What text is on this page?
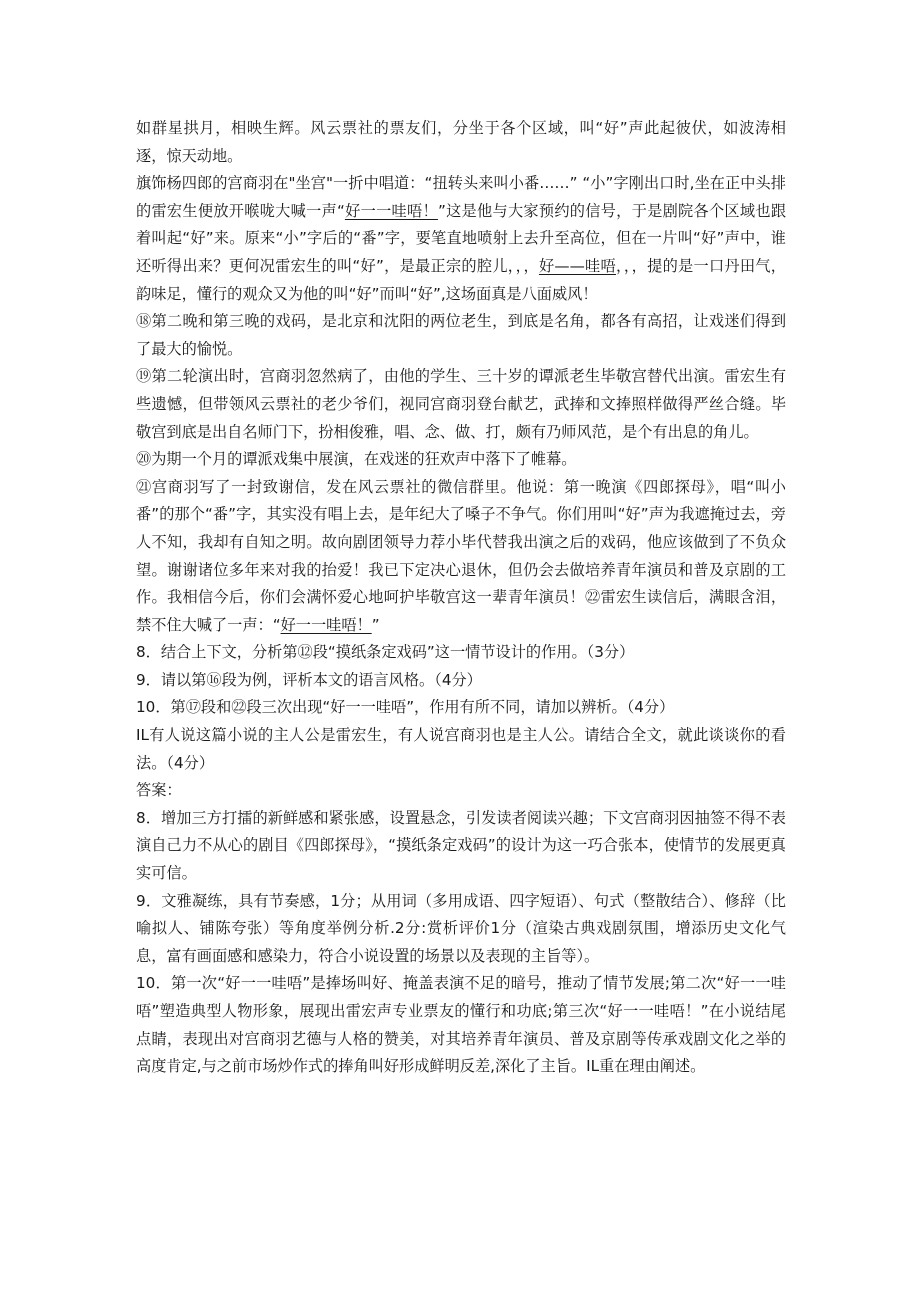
如群星拱月，相映生辉。风云票社的票友们，分坐于各个区域，叫“好”声此起彼伏，如波涛相逐，惊天动地。

旗饰杨四郎的宫商羽在"坐宫"一折中唱道：“扭转头来叫小番……” “小”字刚出口时,坐在正中头排的雷宏生便放开喉咙大喊一声“好一一哇唔！”这是他与大家预约的信号，于是剧院各个区域也跟着叫起“好”来。原来“小”字后的“番”字，要笔直地喷射上去升至高位，但在一片叫“好”声中，谁还听得出来？更何况雷宏生的叫“好”，是最正宗的腔儿，，，好——哇唔，，，提的是一口丹田气，韵味足，懂行的观众又为他的叫“好”而叫“好”,这场面真是八面威风！

⑱第二晚和第三晚的戏码，是北京和沈阳的两位老生，到底是名角，都各有高招，让戏迷们得到了最大的愉悦。

⑲第二轮演出时，宫商羽忽然病了，由他的学生、三十岁的谭派老生毕敬宫替代出演。雷宏生有些遗憾，但带领风云票社的老少爷们，视同宫商羽登台献艺，武捧和文捧照样做得严丝合缝。毕敬宫到底是出自名师门下，扮相俊雅，唱、念、做、打，颇有乃师风范，是个有出息的角儿。

⑳为期一个月的谭派戏集中展演，在戏迷的狂欢声中落下了帷幕。

㉑宫商羽写了一封致谢信，发在风云票社的微信群里。他说：第一晚演《四郎探母》，唱“叫小番”的那个“番”字，其实没有唱上去，是年纪大了嗓子不争气。你们用叫“好”声为我遮掩过去，旁人不知，我却有自知之明。故向剧团领导力荐小毕代替我出演之后的戏码，他应该做到了不负众望。谢谢诸位多年来对我的抬爱！我已下定决心退休，但仍会去做培养青年演员和普及京剧的工作。我相信今后，你们会满怀爱心地呵护毕敬宫这一辈青年演员！㉒雷宏生读信后，满眼含泪，禁不住大喊了一声：“好一一哇唔！”

8．结合上下文，分析第⑫段“摸纸条定戏码”这一情节设计的作用。（3分）

9．请以第⑯段为例，评析本文的语言风格。（4分）

10．第⑰段和㉒段三次出现“好一一哇唔”，作用有所不同，请加以辨析。（4分）

IL有人说这篇小说的主人公是雷宏生，有人说宫商羽也是主人公。请结合全文，就此谈谈你的看法。（4分）

答案：

8．增加三方打擂的新鲜感和紧张感，设置悬念，引发读者阅读兴趣；下文宫商羽因抽签不得不表演自己力不从心的剧目《四郎探母》，“摸纸条定戏码”的设计为这一巧合张本，使情节的发展更真实可信。

9．文雅凝练，具有节奏感，1分；从用词（多用成语、四字短语）、句式（整散结合）、修辞（比喻拟人、铺陈夸张）等角度举例分析.2分:赏析评价1分（渲染古典戏剧氛围，增添历史文化气息，富有画面感和感染力，符合小说设置的场景以及表现的主旨等）。

10．第一次“好一一哇唔”是捧场叫好、掩盖表演不足的暗号，推动了情节发展;第二次“好一一哇唔”塑造典型人物形象，展现出雷宏声专业票友的懂行和功底;第三次“好一一哇唔！”在小说结尾点睛，表现出对宫商羽艺德与人格的赞美，对其培养青年演员、普及京剧等传承戏剧文化之举的高度肯定,与之前市场炒作式的捧角叫好形成鲜明反差,深化了主旨。IL重在理由阐述。
